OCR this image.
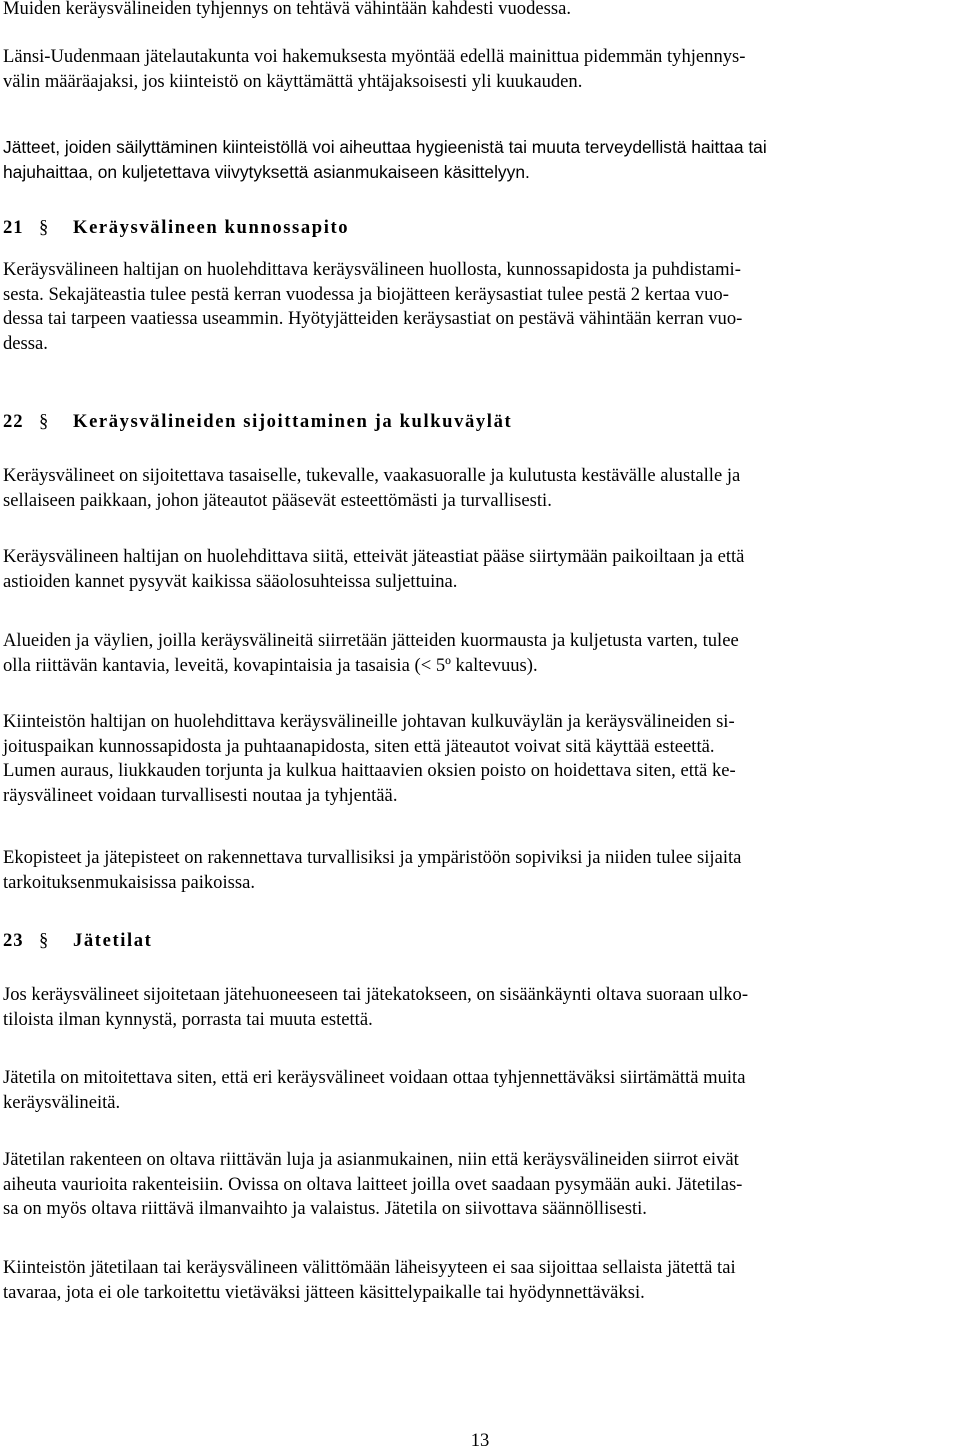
Muiden keräysvälineiden tyhjennys on tehtävä vähintään kahdesti vuodessa.

Länsi-Uudenmaan jätelautakunta voi hakemuksesta myöntää edellä mainittua pidemmän tyhjennys-
välin määräajaksi, jos kiinteistö on käyttämättä yhtäjaksoisesti yli kuukauden.

Jätteet, joiden säilyttäminen kiinteistöllä voi aiheuttaa hygieenistä tai muuta terveydellistä haittaa tai
hajuhaittaa, on kuljetettava viivytyksettä asianmukaiseen käsittelyyn.

21 § Keräysvälineen kunnossapito

Keräysvälineen haltijan on huolehdittava keräysvälineen huollosta, kunnossapidosta ja puhdistami-
sesta. Sekajäteastia tulee pestä kerran vuodessa ja biojätteen keräysastiat tulee pestä 2 kertaa vuo-
dessa tai tarpeen vaatiessa useammin. Hyötyjätteiden keräysastiat on pestävä vähintään kerran vuo-
dessa.

22 § Keräysvälineiden sijoittaminen ja kulkuväylät

Keräysvälineet on sijoitettava tasaiselle, tukevalle, vaakasuoralle ja kulutusta kestävälle alustalle ja
sellaiseen paikkaan, johon jäteautot pääsevät esteettömästi ja turvallisesti.

Keräysvälineen haltijan on huolehdittava siitä, etteivät jäteastiat pääse siirtymään paikoiltaan ja että
astioiden kannet pysyvät kaikissa sääolosuhteissa suljettuina.

Alueiden ja väylien, joilla keräysvälineitä siirretään jätteiden kuormausta ja kuljetusta varten, tulee
olla riittävän kantavia, leveitä, kovapintaisia ja tasaisia (< 5º kaltevuus).

Kiinteistön haltijan on huolehdittava keräysvälineille johtavan kulkuväylän ja keräysvälineiden si-
joituspaikan kunnossapidosta ja puhtaanapidosta, siten että jäteautot voivat sitä käyttää esteettä.
Lumen auraus, liukkauden torjunta ja kulkua haittaavien oksien poisto on hoidettava siten, että ke-
räysvälineet voidaan turvallisesti noutaa ja tyhjentää.

Ekopisteet ja jätepisteet on rakennettava turvallisiksi ja ympäristöön sopiviksi ja niiden tulee sijaita
tarkoituksenmukaisissa paikoissa.

23 § Jätetilat

Jos keräysvälineet sijoitetaan jätehuoneeseen tai jätekatokseen, on sisäänkäynti oltava suoraan ulko-
tiloista ilman kynnystä, porrasta tai muuta estettä.

Jätetila on mitoitettava siten, että eri keräysvälineet voidaan ottaa tyhjennettäväksi siirtämättä muita
keräysvälineitä.

Jätetilan rakenteen on oltava riittävän luja ja asianmukainen, niin että keräysvälineiden siirrot eivät
aiheuta vaurioita rakenteisiin. Ovissa on oltava laitteet joilla ovet saadaan pysymään auki. Jätetilas-
sa on myös oltava riittävä ilmanvaihto ja valaistus. Jätetila on siivottava säännöllisesti.

Kiinteistön jätetilaan tai keräysvälineen välittömään läheisyyteen ei saa sijoittaa sellaista jätettä tai
tavaraa, jota ei ole tarkoitettu vietäväksi jätteen käsittelypaikalle tai hyödynnettäväksi.

13
